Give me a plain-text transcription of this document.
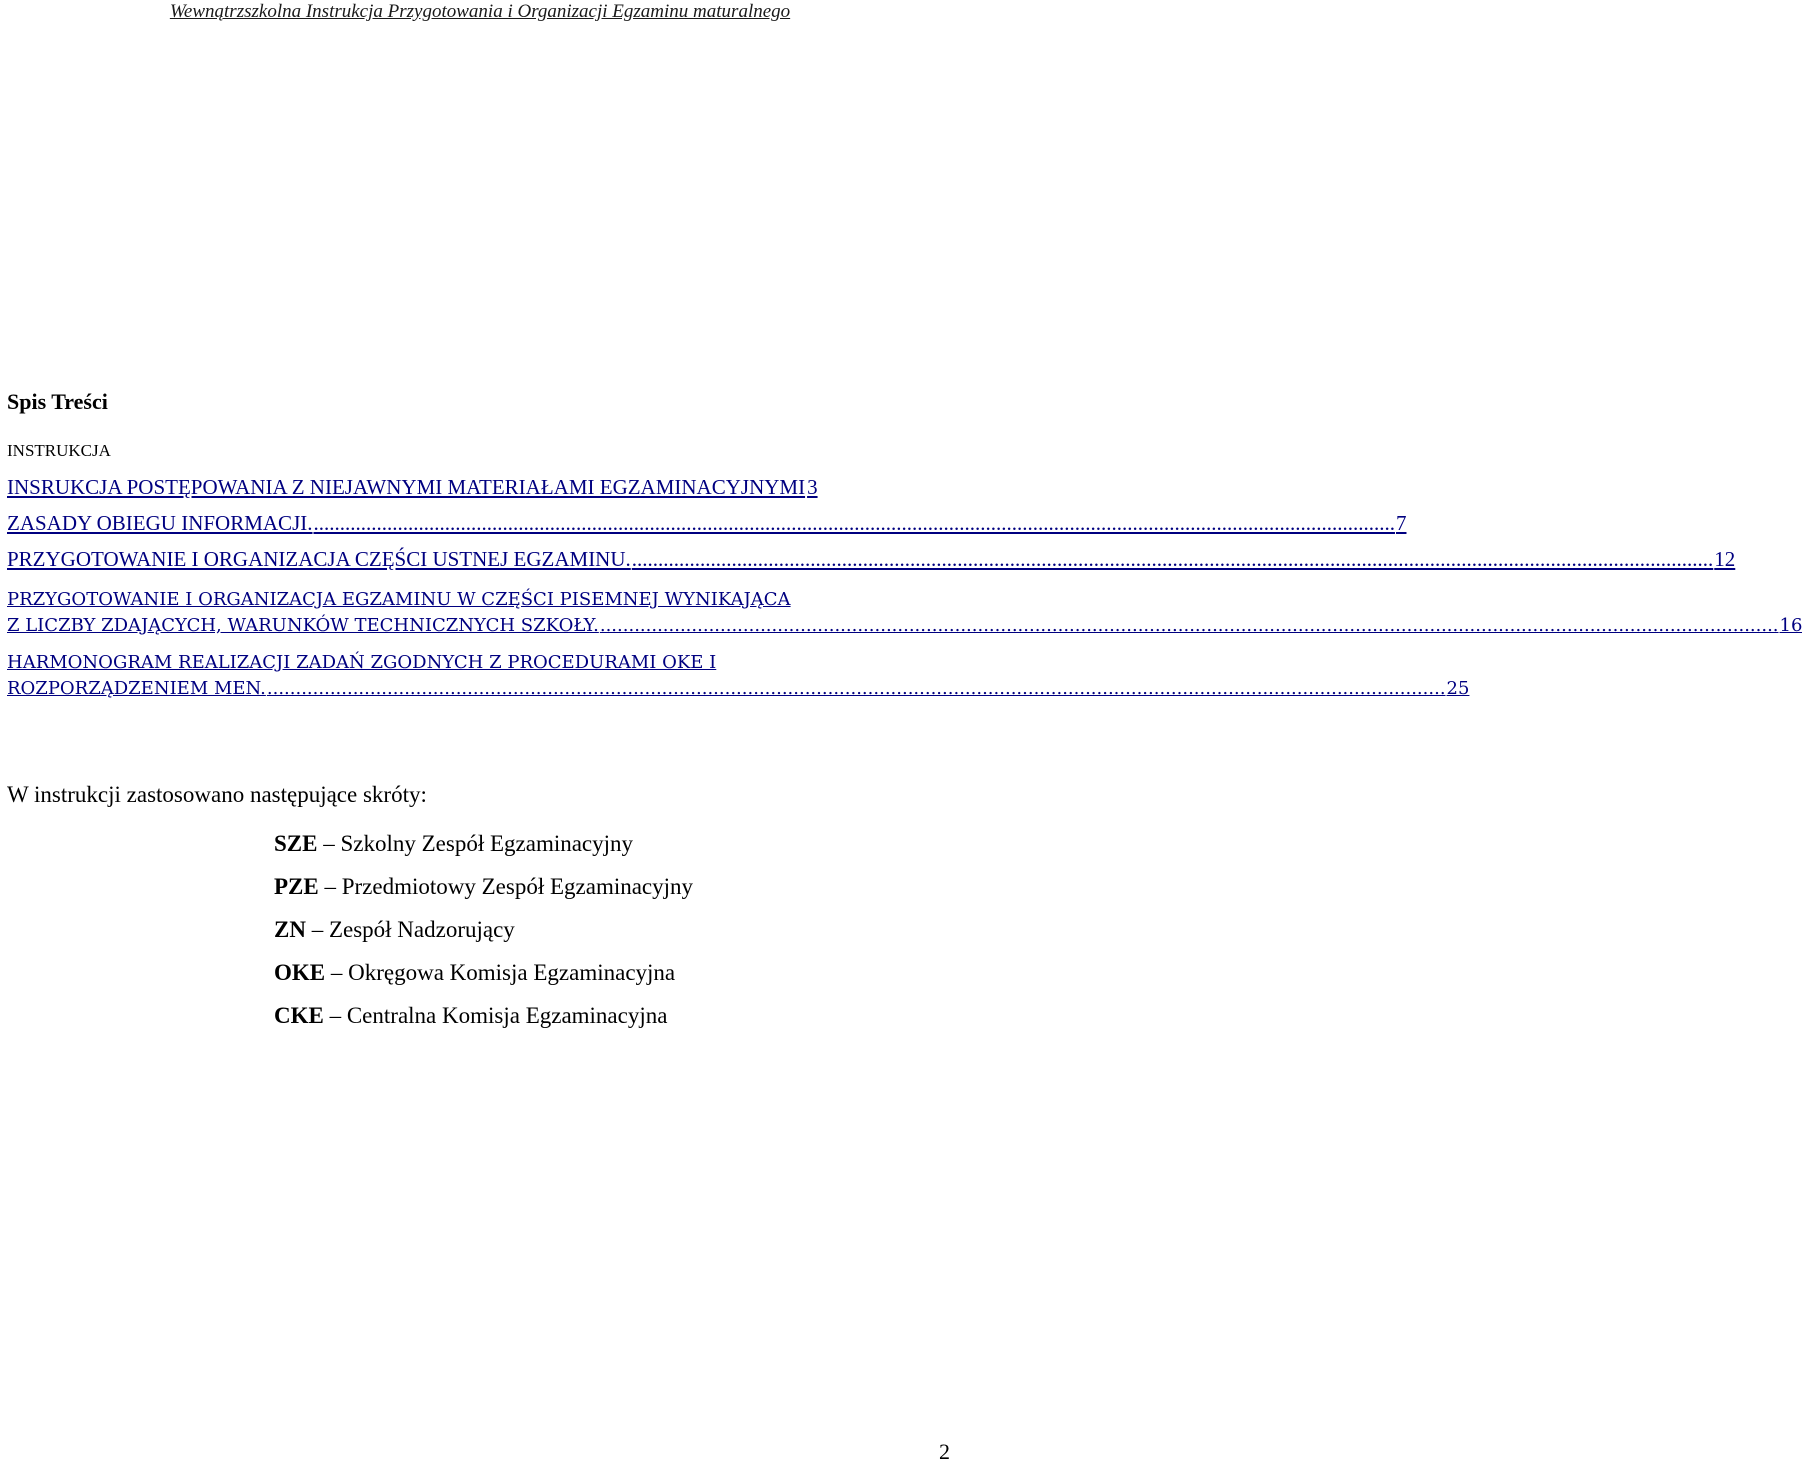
Wewnątrzszkolna Instrukcja Przygotowania i Organizacji Egzaminu maturalnego
Spis Treści
INSTRUKCJA
INSRUKCJA POSTĘPOWANIA Z NIEJAWNYMI MATERIAŁAMI EGZAMINACYJNYMI 3
ZASADY OBIEGU INFORMACJI. .............................................................................................................................................................................................................. 7
PRZYGOTOWANIE I ORGANIZACJA CZĘŚCI USTNEJ EGZAMINU. .............................................................................................................................................................................................................. 12
PRZYGOTOWANIE I ORGANIZACJA EGZAMINU W CZĘŚCI PISEMNEJ WYNIKAJĄCA
Z LICZBY ZDAJĄCYCH, WARUNKÓW TECHNICZNYCH SZKOŁY. .............................................................................................................................................................................................................. 16
HARMONOGRAM REALIZACJI ZADAŃ ZGODNYCH Z PROCEDURAMI OKE I
ROZPORZĄDZENIEM MEN. .............................................................................................................................................................................................................. 25
W instrukcji zastosowano następujące skróty:
SZE – Szkolny Zespół Egzaminacyjny
PZE – Przedmiotowy Zespół Egzaminacyjny
ZN – Zespół Nadzorujący
OKE – Okręgowa Komisja Egzaminacyjna
CKE – Centralna Komisja Egzaminacyjna
2
